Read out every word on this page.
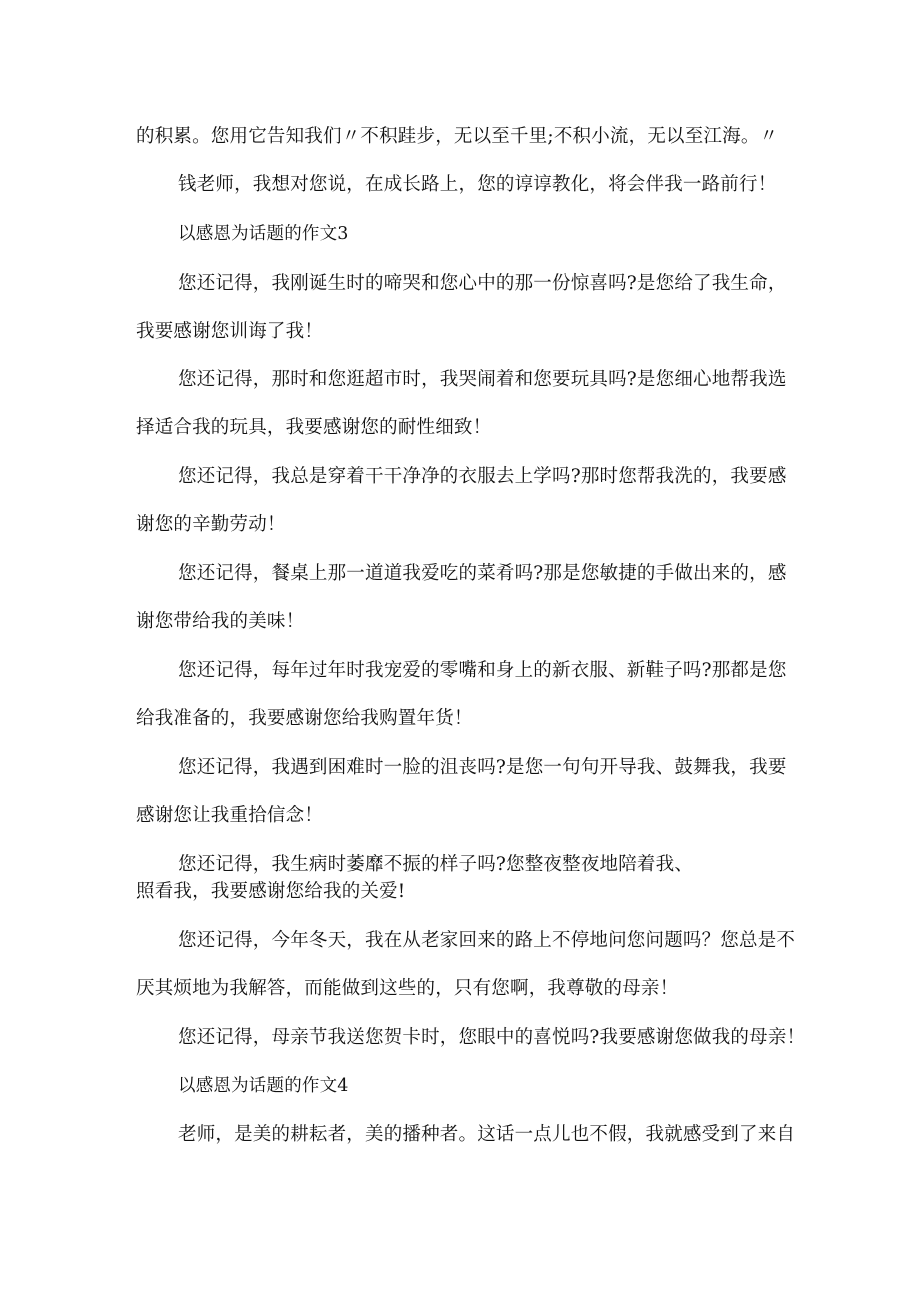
的积累。您用它告知我们〃不积跬步，无以至千里;不积小流，无以至江海。〃
钱老师，我想对您说，在成长路上，您的谆谆教化，将会伴我一路前行！
以感恩为话题的作文3
您还记得，我刚诞生时的啼哭和您心中的那一份惊喜吗?是您给了我生命，
我要感谢您训诲了我！
您还记得，那时和您逛超市时，我哭闹着和您要玩具吗?是您细心地帮我选
择适合我的玩具，我要感谢您的耐性细致！
您还记得，我总是穿着干干净净的衣服去上学吗?那时您帮我洗的，我要感
谢您的辛勤劳动！
您还记得，餐桌上那一道道我爱吃的菜肴吗?那是您敏捷的手做出来的，感
谢您带给我的美味！
您还记得，每年过年时我宠爱的零嘴和身上的新衣服、新鞋子吗?那都是您
给我准备的，我要感谢您给我购置年货！
您还记得，我遇到困难时一脸的沮丧吗?是您一句句开导我、鼓舞我，我要
感谢您让我重拾信念！
您还记得，我生病时萎靡不振的样子吗?您整夜整夜地陪着我、
照看我，我要感谢您给我的关爱!
您还记得，今年冬天，我在从老家回来的路上不停地问您问题吗？您总是不
厌其烦地为我解答，而能做到这些的，只有您啊，我尊敬的母亲！
您还记得，母亲节我送您贺卡时，您眼中的喜悦吗?我要感谢您做我的母亲！
以感恩为话题的作文4
老师，是美的耕耘者，美的播种者。这话一点儿也不假，我就感受到了来自
